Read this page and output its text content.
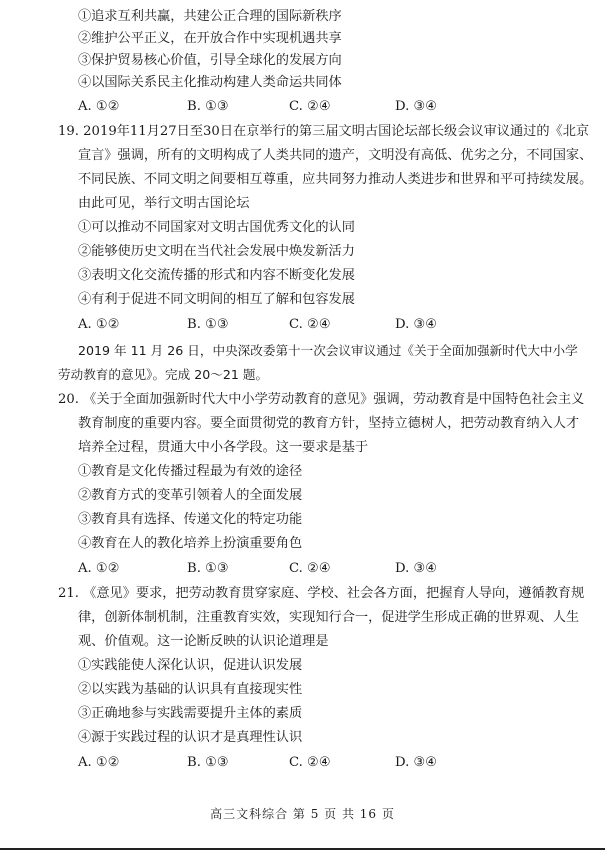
①追求互利共赢，共建公正合理的国际新秩序
②维护公平正义，在开放合作中实现机遇共享
③保护贸易核心价值，引导全球化的发展方向
④以国际关系民主化推动构建人类命运共同体
A. ①②	B. ①③	C. ②④	D. ③④
19. 2019年11月27日至30日在京举行的第三届文明古国论坛部长级会议审议通过的《北京
宣言》强调，所有的文明构成了人类共同的遗产，文明没有高低、优劣之分，不同国家、
不同民族、不同文明之间要相互尊重，应共同努力推动人类进步和世界和平可持续发展。
由此可见，举行文明古国论坛
①可以推动不同国家对文明古国优秀文化的认同
②能够使历史文明在当代社会发展中焕发新活力
③表明文化交流传播的形式和内容不断变化发展
④有利于促进不同文明间的相互了解和包容发展
A. ①②	B. ①③	C. ②④	D. ③④
2019 年 11 月 26 日，中央深改委第十一次会议审议通过《关于全面加强新时代大中小学
劳动教育的意见》。完成 20～21 题。
20. 《关于全面加强新时代大中小学劳动教育的意见》强调，劳动教育是中国特色社会主义
教育制度的重要内容。要全面贯彻党的教育方针，坚持立德树人，把劳动教育纳入人才
培养全过程，贯通大中小各学段。这一要求是基于
①教育是文化传播过程最为有效的途径
②教育方式的变革引领着人的全面发展
③教育具有选择、传递文化的特定功能
④教育在人的教化培养上扮演重要角色
A. ①②	B. ①③	C. ②④	D. ③④
21. 《意见》要求，把劳动教育贯穿家庭、学校、社会各方面，把握育人导向，遵循教育规
律，创新体制机制，注重教育实效，实现知行合一，促进学生形成正确的世界观、人生
观、价值观。这一论断反映的认识论道理是
①实践能使人深化认识，促进认识发展
②以实践为基础的认识具有直接现实性
③正确地参与实践需要提升主体的素质
④源于实践过程的认识才是真理性认识
A. ①②	B. ①③	C. ②④	D. ③④
高三文科综合 第 5 页 共 16 页
